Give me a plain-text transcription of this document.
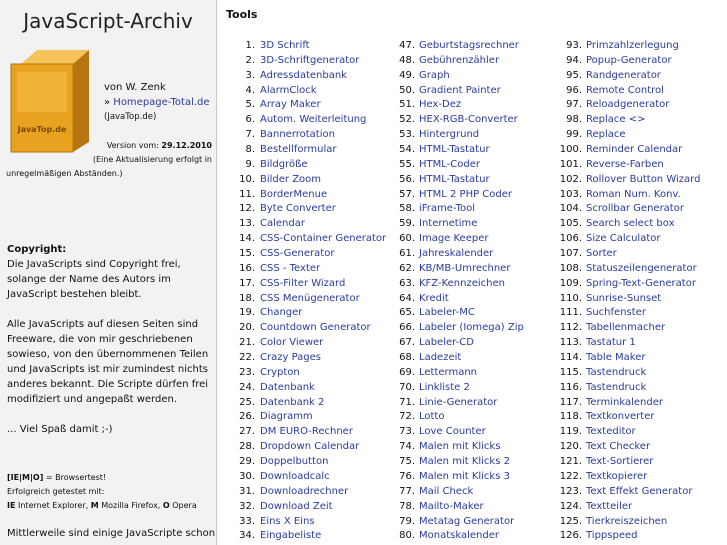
JavaScript-Archiv
JavaTop.de
von W. Zenk
» Homepage-Total.de
(JavaTop.de)
Version vom: 29.12.2010
(Eine Aktualisierung erfolgt in
unregelmäßigen Abständen.)
Copyright:
Die JavaScripts sind Copyright frei, solange der Name des Autors im JavaScript bestehen bleibt.
Alle JavaScripts auf diesen Seiten sind Freeware, die von mir geschriebenen sowieso, von den übernommenen Teilen und JavaScripts ist mir zumindest nichts anderes bekannt. Die Scripte dürfen frei modifiziert und angepaßt werden.
... Viel Spaß damit ;-)
[IE|M|O] = Browsertest!
Erfolgreich getestet mit:
IE Internet Explorer, M Mozilla Firefox, O Opera
Mittlerweile sind einige JavaScripte schon
Tools
1. 3D Schrift
2. 3D-Schriftgenerator
3. Adressdatenbank
4. AlarmClock
5. Array Maker
6. Autom. Weiterleitung
7. Bannerrotation
8. Bestellformular
9. Bildgröße
10. Bilder Zoom
11. BorderMenue
12. Byte Converter
13. Calendar
14. CSS-Container Generator
15. CSS-Generator
16. CSS - Texter
17. CSS-Filter Wizard
18. CSS Menügenerator
19. Changer
20. Countdown Generator
21. Color Viewer
22. Crazy Pages
23. Crypton
24. Datenbank
25. Datenbank 2
26. Diagramm
27. DM EURO-Rechner
28. Dropdown Calendar
29. Doppelbutton
30. Downloadcalc
31. Downloadrechner
32. Download Zeit
33. Eins X Eins
34. Eingabeliste
47. Geburtstagsrechner
48. Gebührenzähler
49. Graph
50. Gradient Painter
51. Hex-Dez
52. HEX-RGB-Converter
53. Hintergrund
54. HTML-Tastatur
55. HTML-Coder
56. HTML-Tastatur
57. HTML 2 PHP Coder
58. iFrame-Tool
59. Internetime
60. Image Keeper
61. Jahreskalender
62. KB/MB-Umrechner
63. KFZ-Kennzeichen
64. Kredit
65. Labeler-MC
66. Labeler (Iomega) Zip
67. Labeler-CD
68. Ladezeit
69. Lettermann
70. Linkliste 2
71. Linie-Generator
72. Lotto
73. Love Counter
74. Malen mit Klicks
75. Malen mit Klicks 2
76. Malen mit Klicks 3
77. Mail Check
78. Mailto-Maker
79. Metatag Generator
80. Monatskalender
93. Primzahlzerlegung
94. Popup-Generator
95. Randgenerator
96. Remote Control
97. Reloadgenerator
98. Replace <>
99. Replace
100. Reminder Calendar
101. Reverse-Farben
102. Rollover Button Wizard
103. Roman Num. Konv.
104. Scrollbar Generator
105. Search select box
106. Size Calculator
107. Sorter
108. Statuszeilengenerator
109. Spring-Text-Generator
110. Sunrise-Sunset
111. Suchfenster
112. Tabellenmacher
113. Tastatur 1
114. Table Maker
115. Tastendruck
116. Tastendruck
117. Terminkalender
118. Textkonverter
119. Texteditor
120. Text Checker
121. Text-Sortierer
122. Textkopierer
123. Text Effekt Generator
124. Textteiler
125. Tierkreiszeichen
126. Tippspeed
